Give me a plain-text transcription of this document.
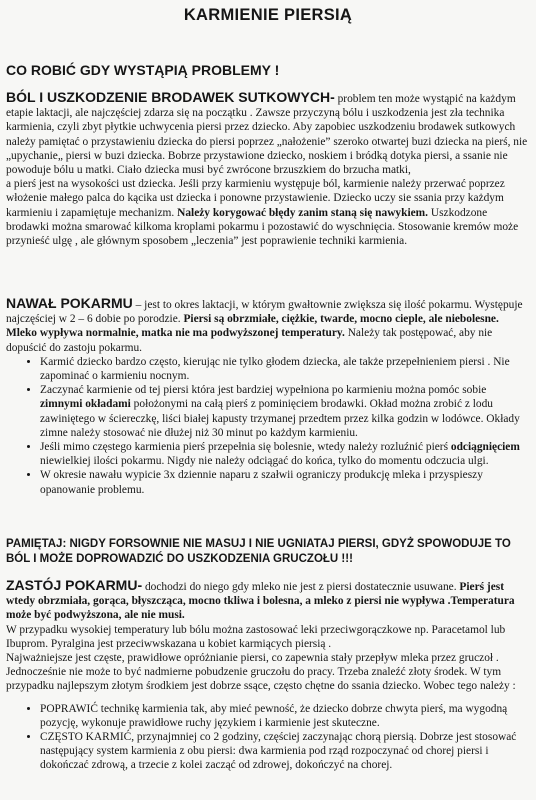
KARMIENIE PIERSIĄ
CO ROBIĆ GDY WYSTĄPIĄ PROBLEMY !

BÓL I USZKODZENIE BRODAWEK SUTKOWYCH- problem ten może wystąpić na każdym etapie laktacji, ale najczęściej zdarza się na początku . Zawsze przyczyną bólu i uszkodzenia jest zła technika karmienia, czyli zbyt płytkie uchwycenia piersi przez dziecko. Aby zapobiec uszkodzeniu brodawek sutkowych należy pamiętać o przystawieniu dziecka do piersi poprzez „nałożenie” szeroko otwartej buzi dziecka na pierś, nie „upychanie„ piersi w buzi dziecka. Bobrze przystawione dziecko, noskiem i bródką dotyka piersi, a ssanie nie powoduje bólu u matki. Ciało dziecka musi być zwrócone brzuszkiem do brzucha matki,

a pierś jest na wysokości ust dziecka. Jeśli przy karmieniu występuje ból, karmienie należy przerwać poprzez włożenie małego palca do kącika ust dziecka i ponowne przystawienie. Dziecko uczy sie ssania przy każdym karmieniu i zapamiętuje mechanizm. Należy korygować błędy zanim staną się nawykiem. Uszkodzone brodawki można smarować kilkoma kroplami pokarmu i pozostawić do wyschnięcia. Stosowanie kremów może przynieść ulgę , ale głównym sposobem „leczenia” jest poprawienie techniki karmienia.

NAWAŁ POKARMU – jest to okres laktacji, w którym gwałtownie zwiększa się ilość pokarmu. Występuje najczęściej w 2 – 6 dobie po porodzie. Piersi są obrzmiałe, ciężkie, twarde, mocno cieple, ale niebolesne. Mleko wypływa normalnie, matka nie ma podwyższonej temperatury. Należy tak postępować, aby nie dopuścić do zastoju pokarmu.

• Karmić dziecko bardzo często, kierując nie tylko głodem dziecka, ale także przepełnieniem piersi . Nie zapominać o karmieniu nocnym.
• Zaczynać karmienie od tej piersi która jest bardziej wypełniona po karmieniu można pomóc sobie zimnymi okładami położonymi na całą pierś z pominięciem brodawki. Okład można zrobić z lodu zawiniętego w ściereczkę, liści białej kapusty trzymanej przedtem przez kilka godzin w lodówce. Okłady zimne należy stosować nie dłużej niż 30 minut po każdym karmieniu.
• Jeśli mimo częstego karmienia pierś przepełnia się bolesnie, wtedy należy rozluźnić pierś odciągnięciem niewielkiej ilości pokarmu. Nigdy nie należy odciągać do końca, tylko do momentu odczucia ulgi.
• W okresie nawału wypicie 3x dziennie naparu z szałwii ograniczy produkcję mleka i przyspieszy opanowanie problemu.
PAMIĘTAJ: NIGDY FORSOWNIE NIE MASUJ I NIE UGNIATAJ PIERSI, GDYŻ SPOWODUJE TO BÓL I MOŻE DOPROWADZIĆ DO USZKODZENIA GRUCZOŁU !!!

ZASTÓJ POKARMU- dochodzi do niego gdy mleko nie jest z piersi dostatecznie usuwane. Pierś jest wtedy obrzmiała, gorąca, błyszcząca, mocno tkliwa i bolesna, a mleko z piersi nie wypływa .Temperatura może być podwyższona, ale nie musi.

W przypadku wysokiej temperatury lub bólu można zastosować leki przeciwgorączkowe np. Paracetamol lub Ibuprom. Pyralgina jest przeciwwskazana u kobiet karmiących piersią .

Najważniejsze jest częste, prawidłowe opróżnianie piersi, co zapewnia stały przepływ mleka przez gruczoł . Jednocześnie nie może to być nadmierne pobudzenie gruczołu do pracy. Trzeba znaleźć złoty środek. W tym przypadku najlepszym złotym środkiem jest dobrze ssące, często chętne do ssania dziecko. Wobec tego należy :

• POPRAWIĆ technikę karmienia tak, aby mieć pewność, że dziecko dobrze chwyta pierś, ma wygodną pozycję, wykonuje prawidłowe ruchy językiem i karmienie jest skuteczne.
• CZĘSTO KARMIĆ, przynajmniej co 2 godziny, częściej zaczynając chorą piersią. Dobrze jest stosować następujący system karmienia z obu piersi: dwa karmienia pod rząd rozpoczynać od chorej piersi i dokończać zdrową, a trzecie z kolei zacząć od zdrowej, dokończyć na chorej.
